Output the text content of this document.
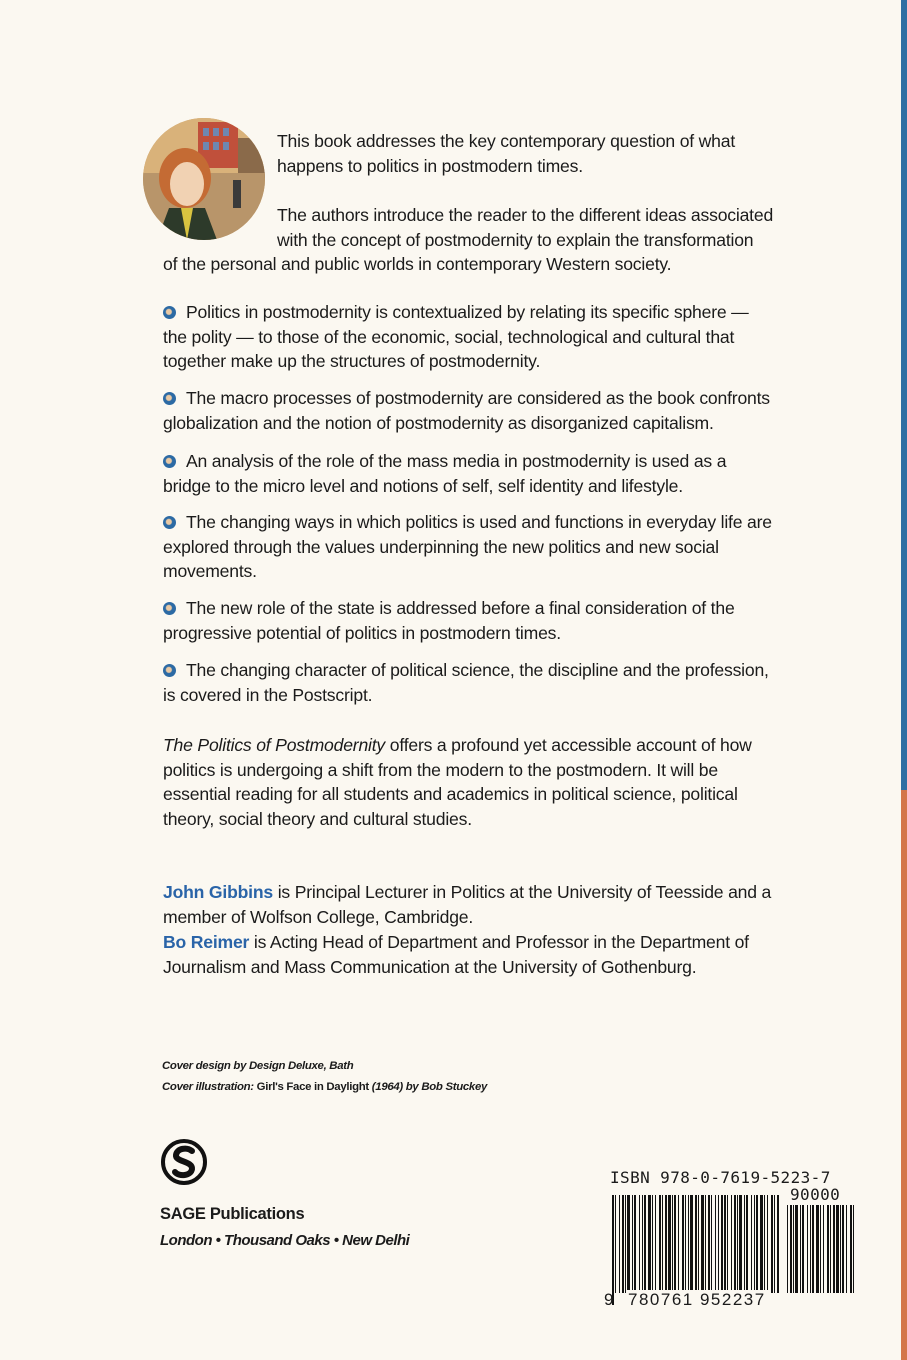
This book addresses the key contemporary question of what
happens to politics in postmodern times.
The authors introduce the reader to the different ideas associated
with the concept of postmodernity to explain the transformation
of the personal and public worlds in contemporary Western society.
Politics in postmodernity is contextualized by relating its specific sphere —
the polity — to those of the economic, social, technological and cultural that
together make up the structures of postmodernity.
The macro processes of postmodernity are considered as the book confronts
globalization and the notion of postmodernity as disorganized capitalism.
An analysis of the role of the mass media in postmodernity is used as a
bridge to the micro level and notions of self, self identity and lifestyle.
The changing ways in which politics is used and functions in everyday life are
explored through the values underpinning the new politics and new social
movements.
The new role of the state is addressed before a final consideration of the
progressive potential of politics in postmodern times.
The changing character of political science, the discipline and the profession,
is covered in the Postscript.
The Politics of Postmodernity offers a profound yet accessible account of how
politics is undergoing a shift from the modern to the postmodern. It will be
essential reading for all students and academics in political science, political
theory, social theory and cultural studies.
John Gibbins is Principal Lecturer in Politics at the University of Teesside and a
member of Wolfson College, Cambridge.
Bo Reimer is Acting Head of Department and Professor in the Department of
Journalism and Mass Communication at the University of Gothenburg.
Cover design by Design Deluxe, Bath
Cover illustration: Girl's Face in Daylight (1964) by Bob Stuckey
SAGE Publications
London • Thousand Oaks • New Delhi
ISBN 978-0-7619-5223-7
90000
9 780761 952237
